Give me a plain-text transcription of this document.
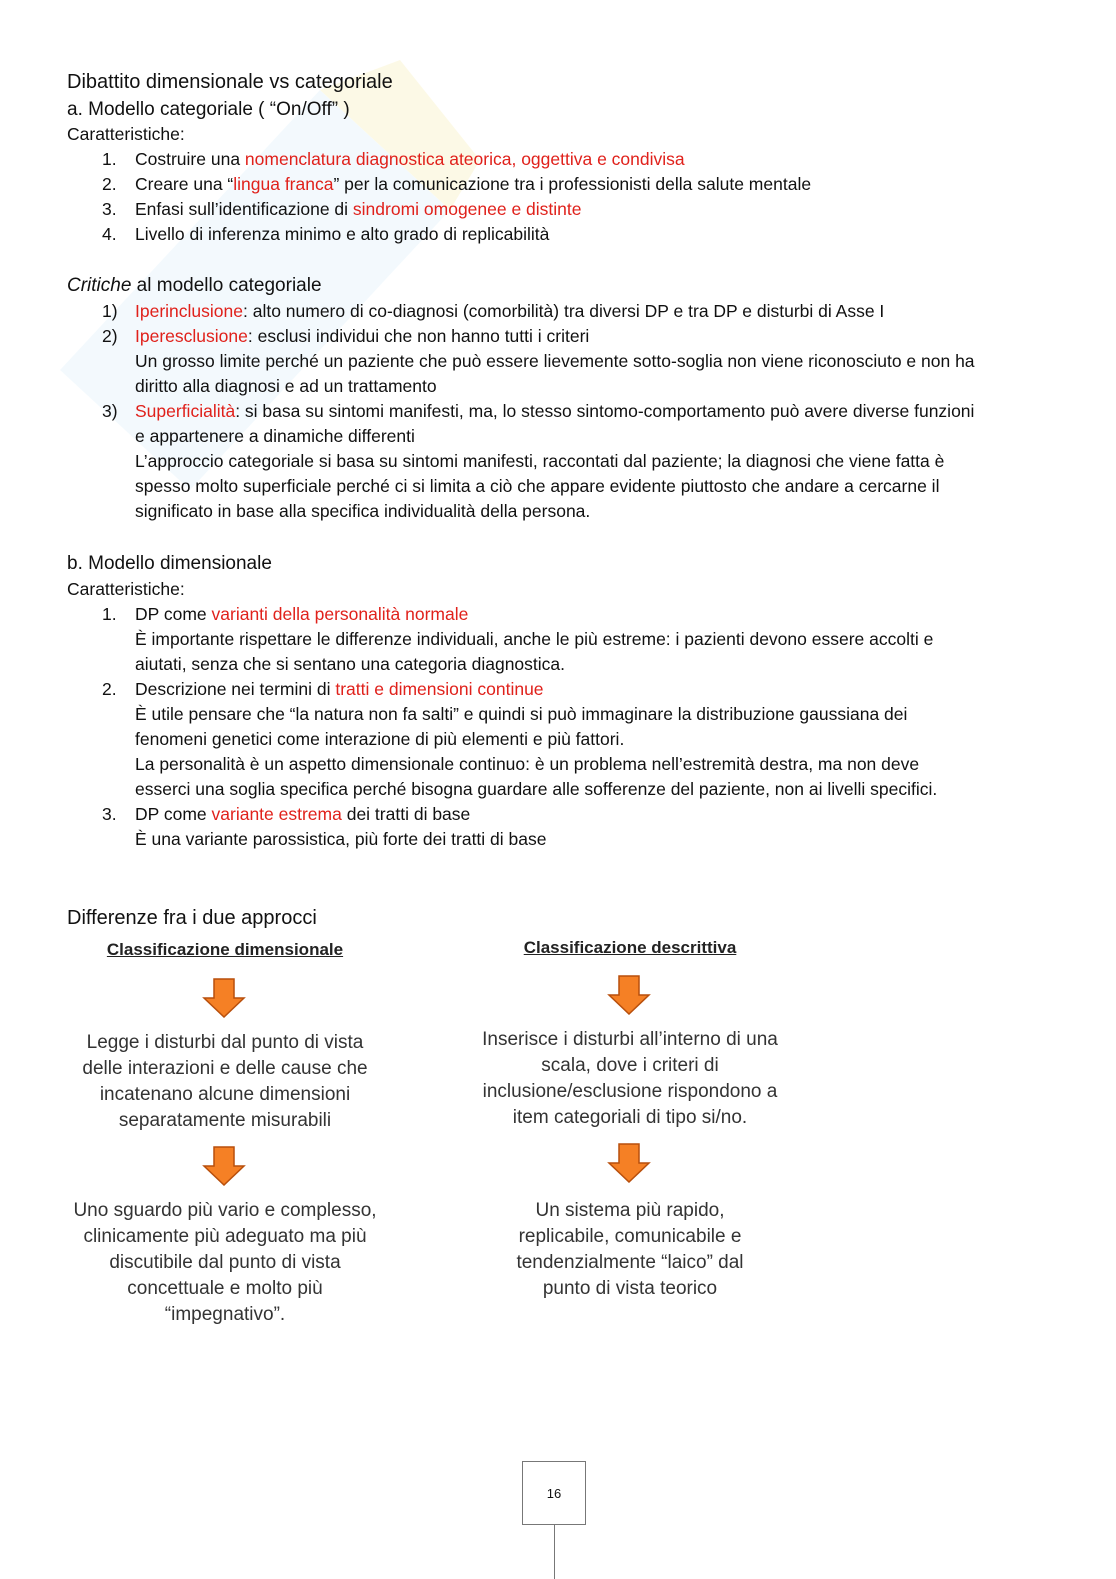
Dibattito dimensionale vs categoriale
a. Modello categoriale ( “On/Off” )
Caratteristiche:
1.	Costruire una nomenclatura diagnostica ateorica, oggettiva e condivisa
2.	Creare una “lingua franca” per la comunicazione tra i professionisti della salute mentale
3.	Enfasi sull’identificazione di sindromi omogenee e distinte
4.	Livello di inferenza minimo e alto grado di replicabilità
Critiche al modello categoriale
1) Iperinclusione: alto numero di co-diagnosi (comorbilità) tra diversi DP e tra DP e disturbi di Asse I
2) Iperesclusione: esclusi individui che non hanno tutti i criteri
Un grosso limite perché un paziente che può essere lievemente sotto-soglia non viene riconosciuto e non ha
diritto alla diagnosi e ad un trattamento
3) Superficialità: si basa su sintomi manifesti, ma, lo stesso sintomo-comportamento può avere diverse funzioni
e appartenere a dinamiche differenti
L’approccio categoriale si basa su sintomi manifesti, raccontati dal paziente; la diagnosi che viene fatta è
spesso molto superficiale perché ci si limita a ciò che appare evidente piuttosto che andare a cercarne il
significato in base alla specifica individualità della persona.
b. Modello dimensionale
Caratteristiche:
1.	DP come varianti della personalità normale
È importante rispettare le differenze individuali, anche le più estreme: i pazienti devono essere accolti e
aiutati, senza che si sentano una categoria diagnostica.
2.	Descrizione nei termini di tratti e dimensioni continue
È utile pensare che “la natura non fa salti” e quindi si può immaginare la distribuzione gaussiana dei
fenomeni genetici come interazione di più elementi e più fattori.
La personalità è un aspetto dimensionale continuo: è un problema nell’estremità destra, ma non deve
esserci una soglia specifica perché bisogna guardare alle sofferenze del paziente, non ai livelli specifici.
3.	DP come variante estrema dei tratti di base
È una variante parossistica, più forte dei tratti di base
Differenze fra i due approcci
Classificazione dimensionale
Legge i disturbi dal punto di vista
delle interazioni e delle cause che
incatenano alcune dimensioni
separatamente misurabili
Uno sguardo più vario e complesso,
clinicamente più adeguato ma più
discutibile dal punto di vista
concettuale e molto più
“impegnativo”.
Classificazione descrittiva
Inserisce i disturbi all’interno di una
scala, dove i criteri di
inclusione/esclusione rispondono a
item categoriali di tipo si/no.
Un sistema più rapido,
replicabile, comunicabile e
tendenzialmente “laico” dal
punto di vista teorico
16
